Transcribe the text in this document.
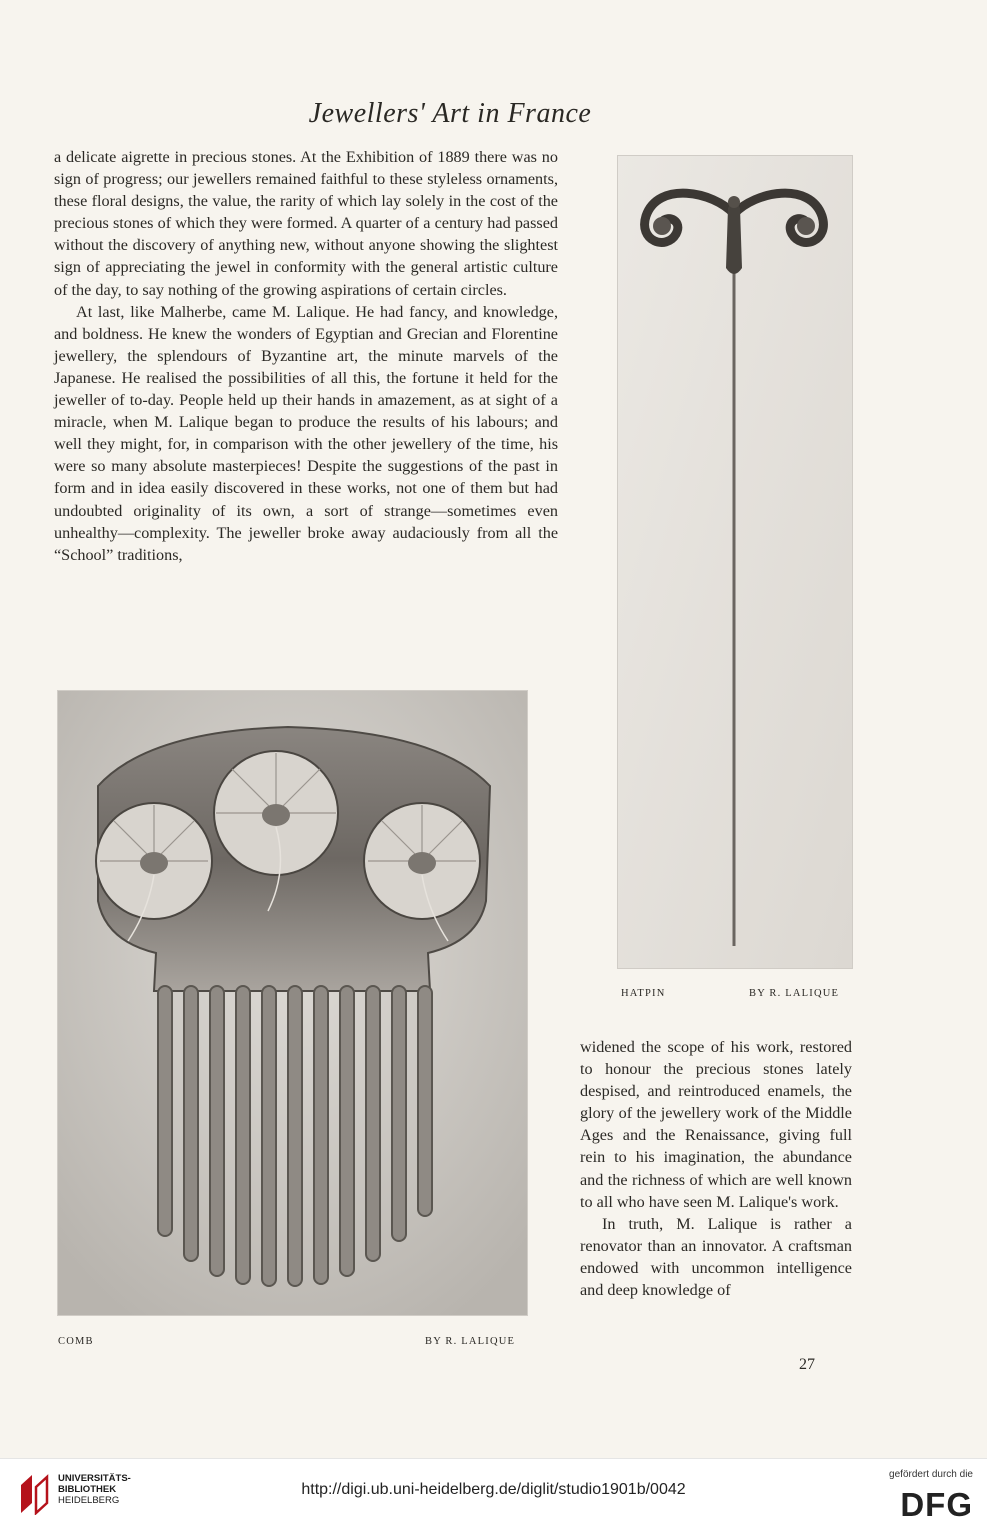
Jewellers' Art in France

a delicate aigrette in precious stones. At the Exhibition of 1889 there was no sign of progress; our jewellers remained faithful to these styleless ornaments, these floral designs, the value, the rarity of which lay solely in the cost of the precious stones of which they were formed. A quarter of a century had passed without the discovery of anything new, without anyone showing the slightest sign of appreciating the jewel in conformity with the general artistic culture of the day, to say nothing of the growing aspirations of certain circles.

At last, like Malherbe, came M. Lalique. He had fancy, and knowledge, and boldness. He knew the wonders of Egyptian and Grecian and Florentine jewellery, the splendours of Byzantine art, the minute marvels of the Japanese. He realised the possibilities of all this, the fortune it held for the jeweller of to-day. People held up their hands in amazement, as at sight of a miracle, when M. Lalique began to produce the results of his labours; and well they might, for, in comparison with the other jewellery of the time, his were so many absolute masterpieces! Despite the suggestions of the past in form and in idea easily discovered in these works, not one of them but had undoubted originality of its own, a sort of strange—sometimes even unhealthy—complexity. The jeweller broke away audaciously from all the “School” traditions,

HATPIN	BY R. LALIQUE
COMB	BY R. LALIQUE

widened the scope of his work, restored to honour the precious stones lately despised, and reintroduced enamels, the glory of the jewellery work of the Middle Ages and the Renaissance, giving full rein to his imagination, the abundance and the richness of which are well known to all who have seen M. Lalique's work.

In truth, M. Lalique is rather a renovator than an innovator. A craftsman endowed with uncommon intelligence and deep knowledge of

27
UNIVERSITÄTS-
BIBLIOTHEK
HEIDELBERG
http://digi.ub.uni-heidelberg.de/diglit/studio1901b/0042
gefördert durch die
DFG
